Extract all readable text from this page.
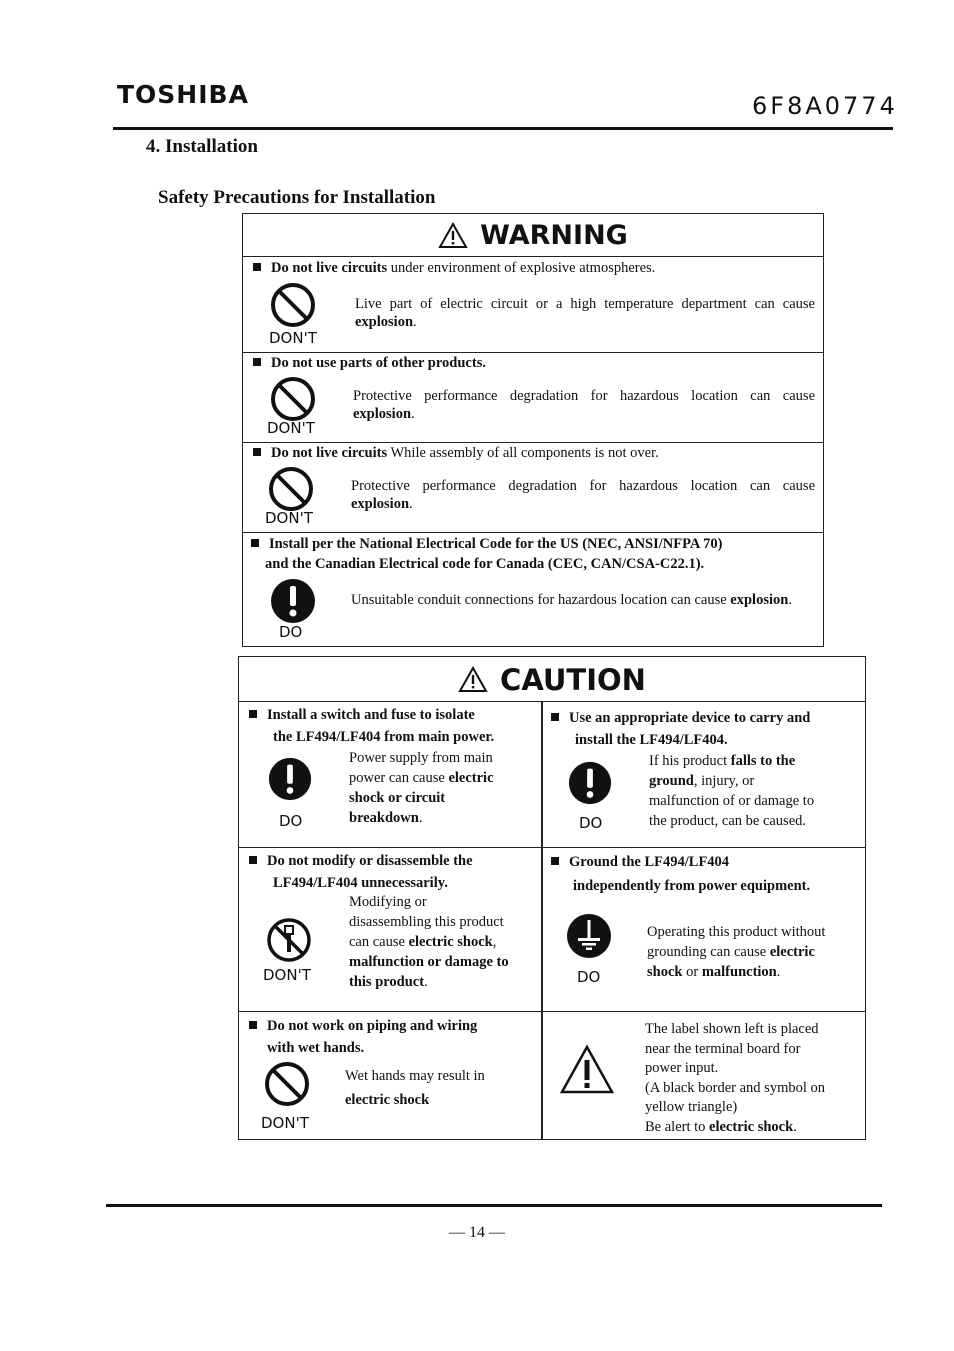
TOSHIBA	6F8A0774
4. Installation
Safety Precautions for Installation
WARNING
Do not live circuits under environment of explosive atmospheres.
DON'T
Live part of electric circuit or a high temperature department can cause explosion.
Do not use parts of other products.
DON'T
Protective performance degradation for hazardous location can cause explosion.
Do not live circuits While assembly of all components is not over.
DON'T
Protective performance degradation for hazardous location can cause explosion.
Install per the National Electrical Code for the US (NEC, ANSI/NFPA 70)
and the Canadian Electrical code for Canada (CEC, CAN/CSA-C22.1).
DO
Unsuitable conduit connections for hazardous location can cause explosion.
CAUTION
Install a switch and fuse to isolate
the LF494/LF404 from main power.
DO
Power supply from main
power can cause electric
shock or circuit
breakdown.
Use an appropriate device to carry and
install the LF494/LF404.
DO
If his product falls to the
ground, injury, or
malfunction of or damage to
the product, can be caused.
Do not modify or disassemble the
LF494/LF404 unnecessarily.
DON'T
Modifying or
disassembling this product
can cause electric shock,
malfunction or damage to
this product.
Ground the LF494/LF404
independently from power equipment.
DO
Operating this product without
grounding can cause electric
shock or malfunction.
Do not work on piping and wiring
with wet hands.
DON'T
Wet hands may result in
electric shock
The label shown left is placed
near the terminal board for
power input.
(A black border and symbol on
yellow triangle)
Be alert to electric shock.
— 14 —
